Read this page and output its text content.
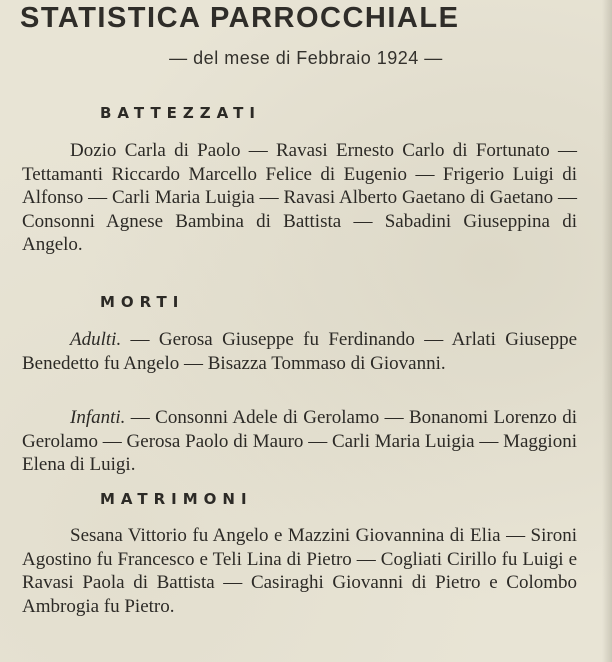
STATISTICA PARROCCHIALE
— del mese di Febbraio 1924 —
BATTEZZATI

Dozio Carla di Paolo — Ravasi Ernesto Carlo di Fortunato — Tettamanti Riccardo Marcello Felice di Eugenio — Frigerio Luigi di Alfonso — Carli Maria Luigia — Ravasi Alberto Gaetano di Gaetano — Consonni Agnese Bambina di Battista — Sabadini Giuseppina di Angelo.

MORTI

Adulti. — Gerosa Giuseppe fu Ferdinando — Arlati Giuseppe Benedetto fu Angelo — Bisazza Tommaso di Giovanni.

Infanti. — Consonni Adele di Gerolamo — Bonanomi Lorenzo di Gerolamo — Gerosa Paolo di Mauro — Carli Maria Luigia — Maggioni Elena di Luigi.

MATRIMONI

Sesana Vittorio fu Angelo e Mazzini Giovannina di Elia — Sironi Agostino fu Francesco e Teli Lina di Pietro — Cogliati Cirillo fu Luigi e Ravasi Paola di Battista — Casiraghi Giovanni di Pietro e Colombo Ambrogia fu Pietro.
